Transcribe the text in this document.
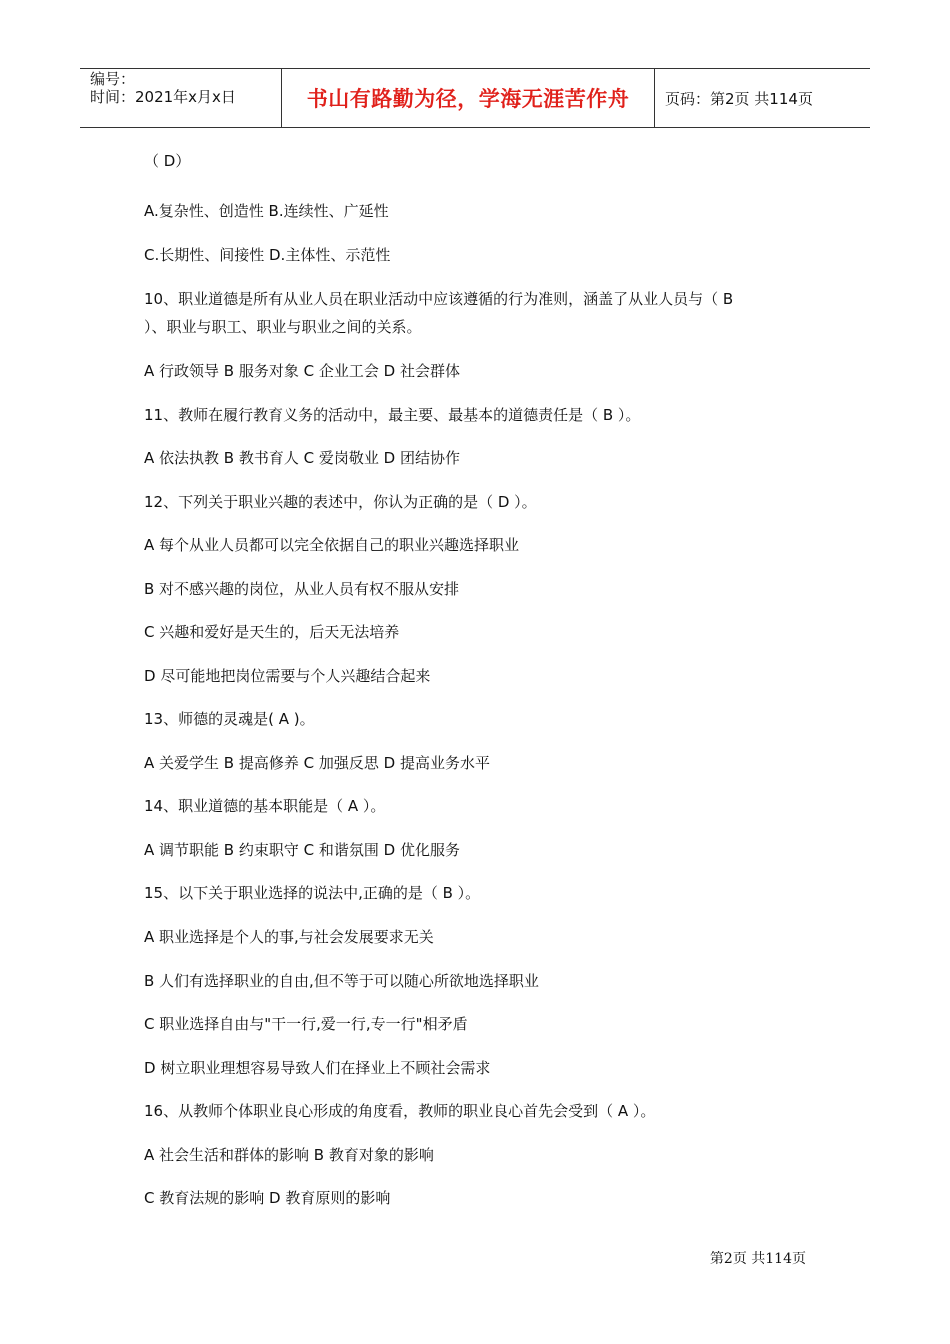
编号：
时间：2021年x月x日	书山有路勤为径，学海无涯苦作舟 页码：第2页 共114页

（ D）

A.复杂性、创造性 B.连续性、广延性

C.长期性、间接性 D.主体性、示范性

10、职业道德是所有从业人员在职业活动中应该遵循的行为准则，涵盖了从业人员与（ B

）、职业与职工、职业与职业之间的关系。

A 行政领导 B 服务对象 C 企业工会 D 社会群体

11、教师在履行教育义务的活动中，最主要、最基本的道德责任是（ B ）。

A 依法执教 B 教书育人 C 爱岗敬业 D 团结协作

12、下列关于职业兴趣的表述中，你认为正确的是（ D ）。

A 每个从业人员都可以完全依据自己的职业兴趣选择职业

B 对不感兴趣的岗位，从业人员有权不服从安排

C 兴趣和爱好是天生的，后天无法培养

D 尽可能地把岗位需要与个人兴趣结合起来

13、师德的灵魂是( A )。

A 关爱学生 B 提高修养 C 加强反思 D 提高业务水平

14、职业道德的基本职能是（ A ）。

A 调节职能 B 约束职守 C 和谐氛围 D 优化服务

15、以下关于职业选择的说法中,正确的是（ B ）。

A 职业选择是个人的事,与社会发展要求无关

B 人们有选择职业的自由,但不等于可以随心所欲地选择职业

C 职业选择自由与"干一行,爱一行,专一行"相矛盾

D 树立职业理想容易导致人们在择业上不顾社会需求

16、从教师个体职业良心形成的角度看，教师的职业良心首先会受到（ A ）。

A 社会生活和群体的影响 B 教育对象的影响

C 教育法规的影响 D 教育原则的影响

第2页 共114页
